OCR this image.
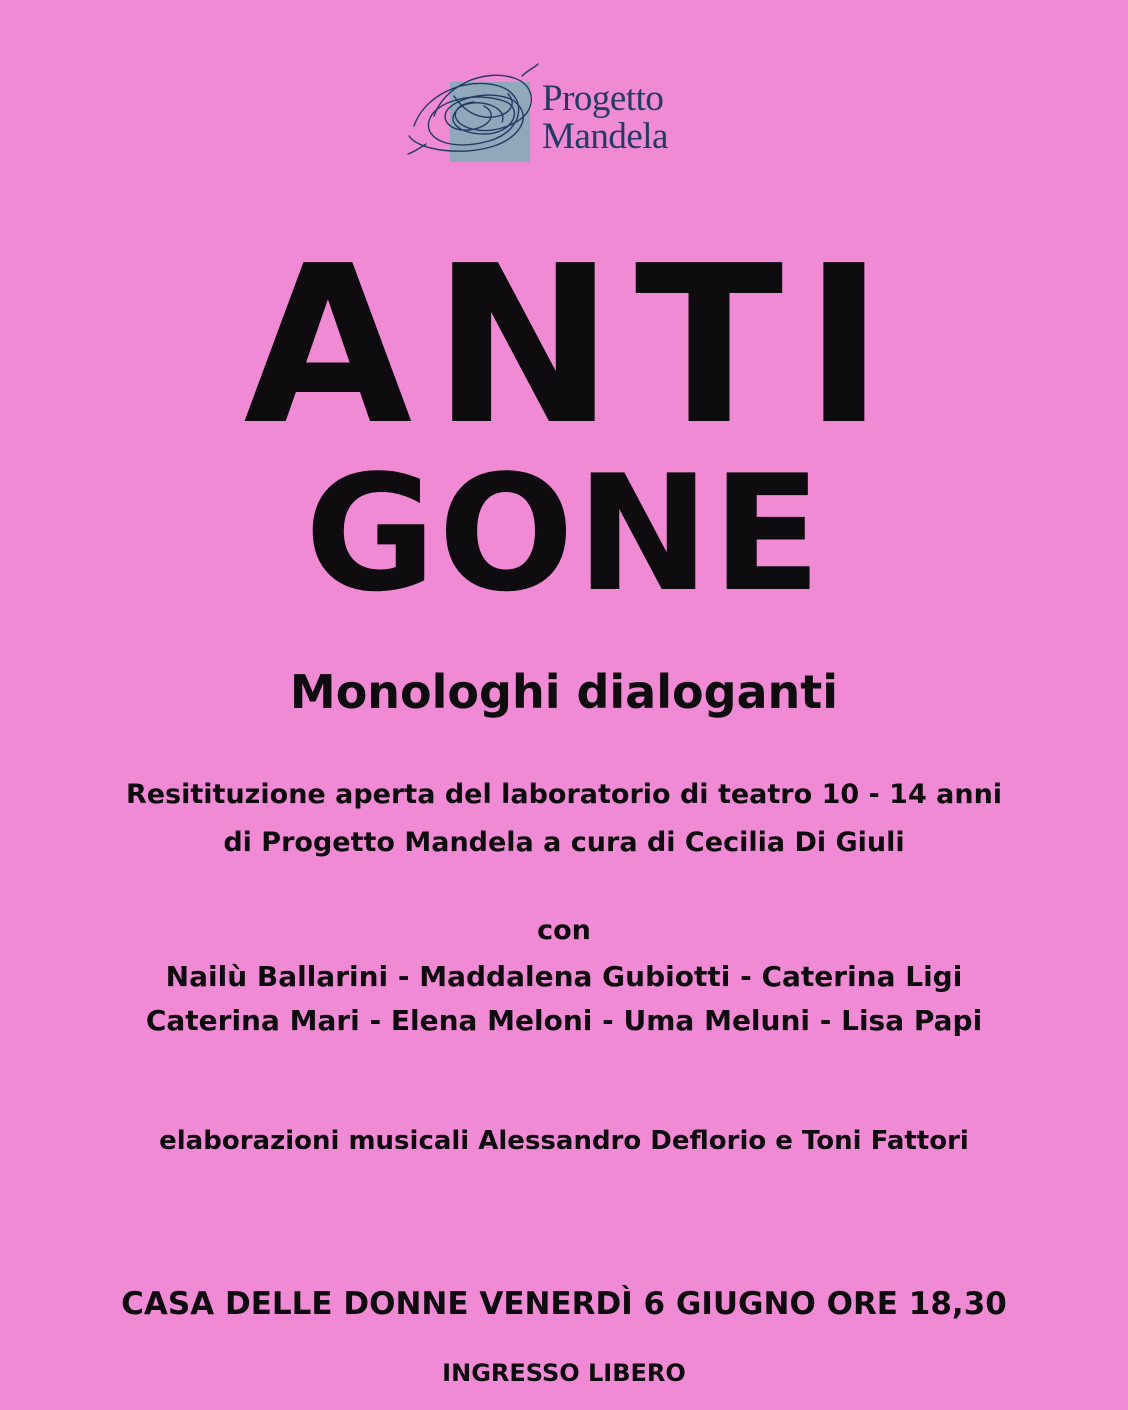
Progetto
Mandela
ANTI
GONE
Monologhi dialoganti
Resitituzione aperta del laboratorio di teatro 10 - 14 anni
di Progetto Mandela a cura di Cecilia Di Giuli
con
Nailù Ballarini - Maddalena Gubiotti - Caterina Ligi
Caterina Mari - Elena Meloni - Uma Meluni - Lisa Papi
elaborazioni musicali Alessandro Deflorio e Toni Fattori
CASA DELLE DONNE VENERDÌ 6 GIUGNO ORE 18,30
INGRESSO LIBERO
